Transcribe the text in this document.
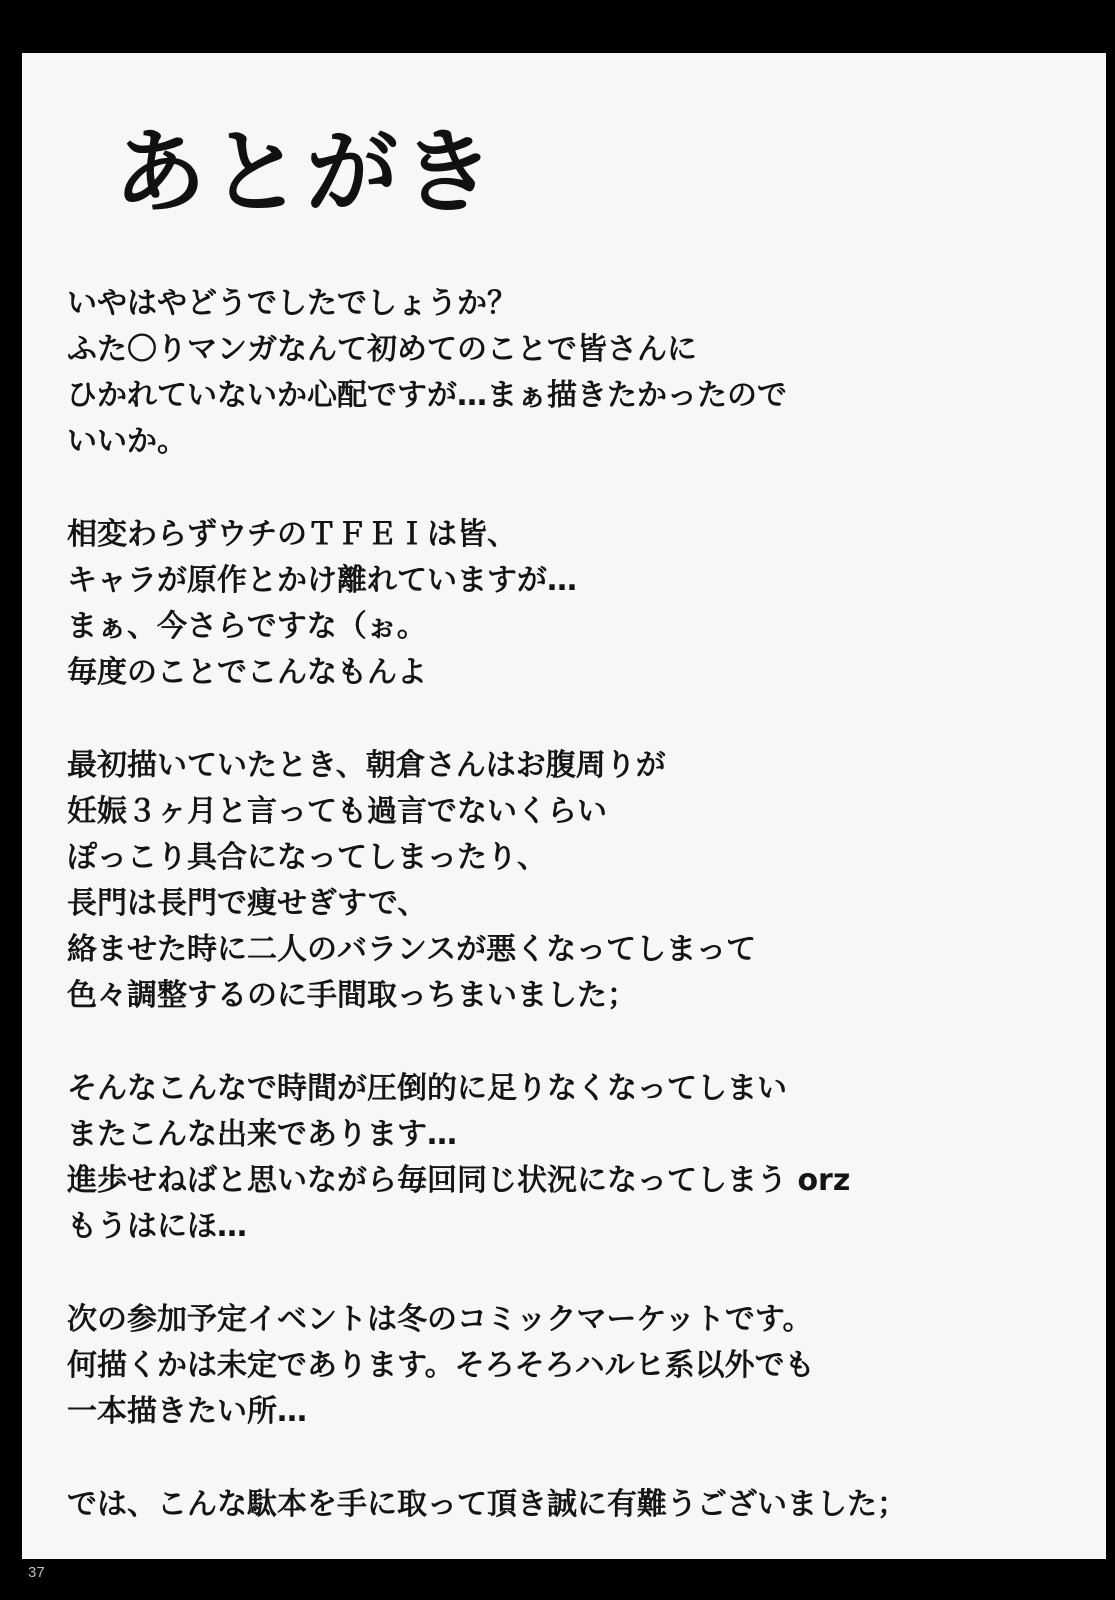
あとがき
いやはやどうでしたでしょうか？
ふた〇りマンガなんて初めてのことで皆さんに
ひかれていないか心配ですが…まぁ描きたかったので
いいか。
相変わらずウチのＴＦＥＩは皆、
キャラが原作とかけ離れていますが…
まぁ、今さらですな（ぉ。
毎度のことでこんなもんよ
最初描いていたとき、朝倉さんはお腹周りが
妊娠３ヶ月と言っても過言でないくらい
ぽっこり具合になってしまったり、
長門は長門で痩せぎすで、
絡ませた時に二人のバランスが悪くなってしまって
色々調整するのに手間取っちまいました；
そんなこんなで時間が圧倒的に足りなくなってしまい
またこんな出来であります…
進歩せねばと思いながら毎回同じ状況になってしまう orz
もうはにほ…
次の参加予定イベントは冬のコミックマーケットです。
何描くかは未定であります。そろそろハルヒ系以外でも
一本描きたい所…
では、こんな駄本を手に取って頂き誠に有難うございました；
37
